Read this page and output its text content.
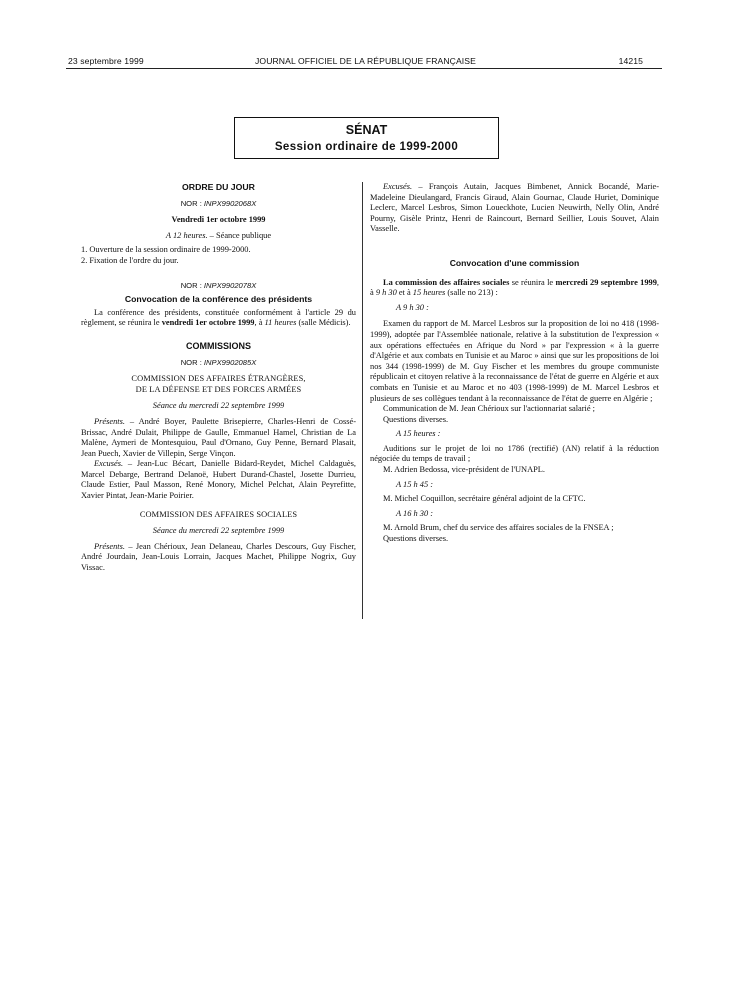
23 septembre 1999	JOURNAL OFFICIEL DE LA RÉPUBLIQUE FRANÇAISE	14215
SÉNAT
Session ordinaire de 1999-2000

ORDRE DU JOUR

NOR : INPX9902068X

Vendredi 1er octobre 1999

A 12 heures. – Séance publique

1. Ouverture de la session ordinaire de 1999-2000.

2. Fixation de l'ordre du jour.

NOR : INPX9902078X

Convocation de la conférence des présidents

La conférence des présidents, constituée conformément à l'article 29 du règlement, se réunira le vendredi 1er octobre 1999, à 11 heures (salle Médicis).

COMMISSIONS

NOR : INPX9902085X

COMMISSION DES AFFAIRES ÉTRANGÈRES,

DE LA DÉFENSE ET DES FORCES ARMÉES

Séance du mercredi 22 septembre 1999

Présents. – André Boyer, Paulette Brisepierre, Charles-Henri de Cossé-Brissac, André Dulait, Philippe de Gaulle, Emmanuel Hamel, Christian de La Malène, Aymeri de Montesquiou, Paul d'Ornano, Guy Penne, Bernard Plasait, Jean Puech, Xavier de Villepin, Serge Vinçon.

Excusés. – Jean-Luc Bécart, Danielle Bidard-Reydet, Michel Caldaguès, Marcel Debarge, Bertrand Delanoë, Hubert Durand-Chastel, Josette Durrieu, Claude Estier, Paul Masson, René Monory, Michel Pelchat, Alain Peyrefitte, Xavier Pintat, Jean-Marie Poirier.

COMMISSION DES AFFAIRES SOCIALES

Séance du mercredi 22 septembre 1999

Présents. – Jean Chérioux, Jean Delaneau, Charles Descours, Guy Fischer, André Jourdain, Jean-Louis Lorrain, Jacques Machet, Philippe Nogrix, Guy Vissac.

Excusés. – François Autain, Jacques Bimbenet, Annick Bocandé, Marie-Madeleine Dieulangard, Francis Giraud, Alain Gournac, Claude Huriet, Dominique Leclerc, Marcel Lesbros, Simon Loueckhote, Lucien Neuwirth, Nelly Olin, André Pourny, Gisèle Printz, Henri de Raincourt, Bernard Seillier, Louis Souvet, Alain Vasselle.

Convocation d'une commission

La commission des affaires sociales se réunira le mercredi 29 septembre 1999, à 9 h 30 et à 15 heures (salle no 213) :

A 9 h 30 :

Examen du rapport de M. Marcel Lesbros sur la proposition de loi no 418 (1998-1999), adoptée par l'Assemblée nationale, relative à la substitution de l'expression « aux opérations effectuées en Afrique du Nord » par l'expression « à la guerre d'Algérie et aux combats en Tunisie et au Maroc » ainsi que sur les propositions de loi nos 344 (1998-1999) de M. Guy Fischer et les membres du groupe communiste républicain et citoyen relative à la reconnaissance de l'état de guerre en Algérie et aux combats en Tunisie et au Maroc et no 403 (1998-1999) de M. Marcel Lesbros et plusieurs de ses collègues tendant à la reconnaissance de l'état de guerre en Algérie ;

Communication de M. Jean Chérioux sur l'actionnariat salarié ;

Questions diverses.

A 15 heures :

Auditions sur le projet de loi no 1786 (rectifié) (AN) relatif à la réduction négociée du temps de travail ;

M. Adrien Bedossa, vice-président de l'UNAPL.

A 15 h 45 :

M. Michel Coquillon, secrétaire général adjoint de la CFTC.

A 16 h 30 :

M. Arnold Brum, chef du service des affaires sociales de la FNSEA ;

Questions diverses.
